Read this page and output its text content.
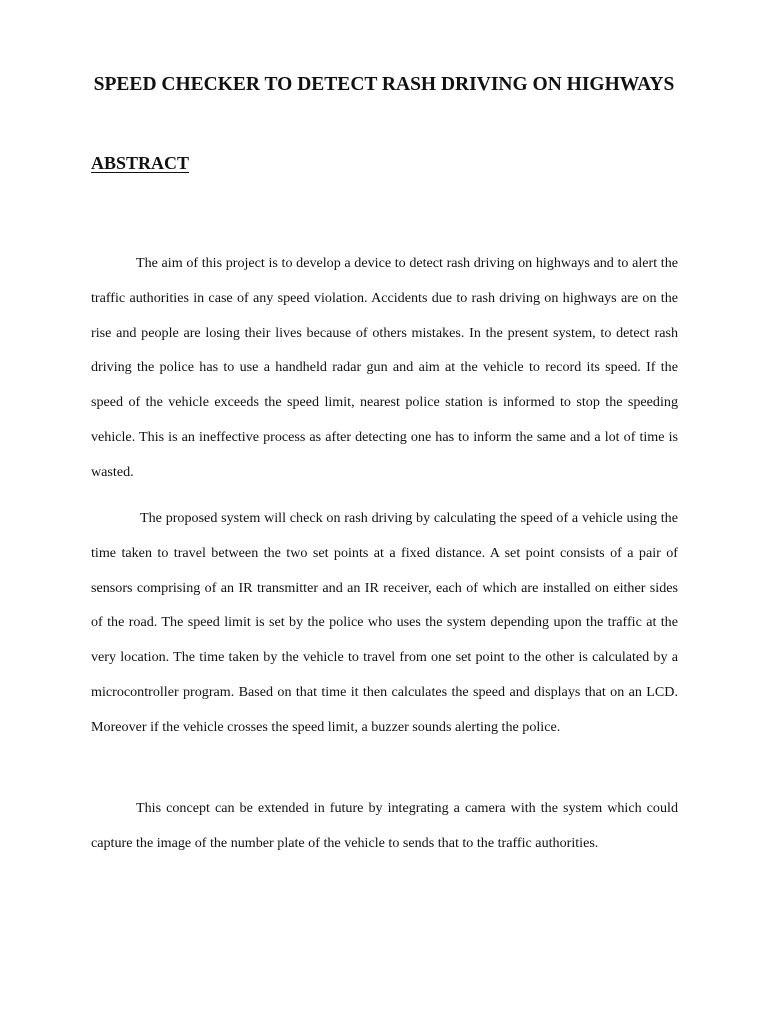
SPEED CHECKER TO DETECT RASH DRIVING ON HIGHWAYS
ABSTRACT

The aim of this project is to develop a device to detect rash driving on highways and to alert the traffic authorities in case of any speed violation. Accidents due to rash driving on highways are on the rise and people are losing their lives because of others mistakes. In the present system, to detect rash driving the police has to use a handheld radar gun and aim at the vehicle to record its speed. If the speed of the vehicle exceeds the speed limit, nearest police station is informed to stop the speeding vehicle. This is an ineffective process as after detecting one has to inform the same and a lot of time is wasted.

The proposed system will check on rash driving by calculating the speed of a vehicle using the time taken to travel between the two set points at a fixed distance. A set point consists of a pair of sensors comprising of an IR transmitter and an IR receiver, each of which are installed on either sides of the road. The speed limit is set by the police who uses the system depending upon the traffic at the very location. The time taken by the vehicle to travel from one set point to the other is calculated by a microcontroller program. Based on that time it then calculates the speed and displays that on an LCD. Moreover if the vehicle crosses the speed limit, a buzzer sounds alerting the police.

This concept can be extended in future by integrating a camera with the system which could capture the image of the number plate of the vehicle to sends that to the traffic authorities.
